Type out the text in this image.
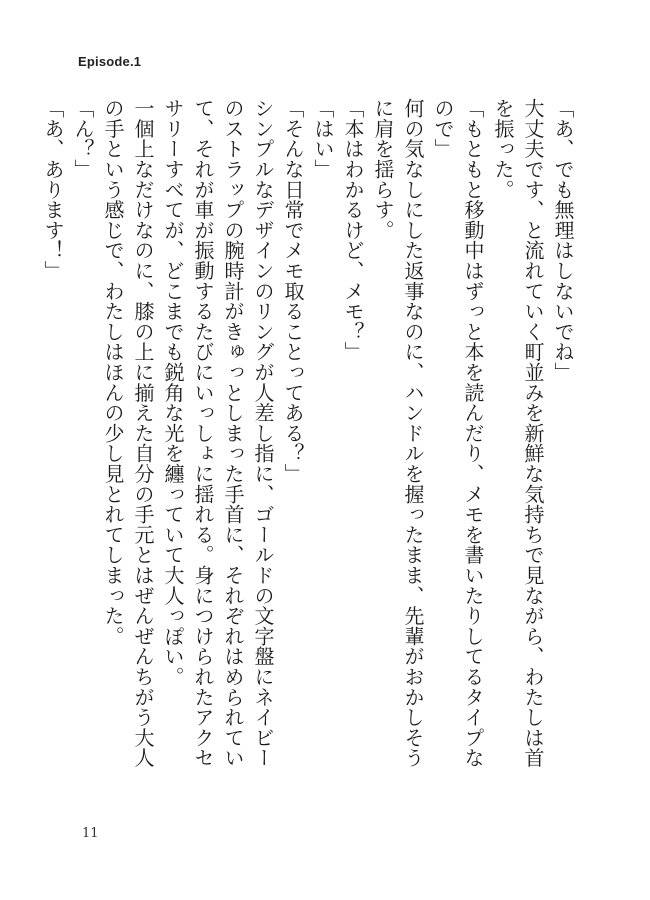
Episode.1

「あ、でも無理はしないでね」

大丈夫です、と流れていく町並みを新鮮な気持ちで見ながら、わたしは首を振った。

「もともと移動中はずっと本を読んだり、メモを書いたりしてるタイプなので」

何の気なしにした返事なのに、ハンドルを握ったまま、先輩がおかしそうに肩を揺らす。

「本はわかるけど、メモ？」

「はい」

「そんな日常でメモ取ることってある？」

シンプルなデザインのリングが人差し指に、ゴールドの文字盤にネイビーのストラップの腕時計がきゅっとしまった手首に、それぞれはめられていて、それが車が振動するたびにいっしょに揺れる。身につけられたアクセサリーすべてが、どこまでも鋭角な光を纏っていて大人っぽい。

一個上なだけなのに、膝の上に揃えた自分の手元とはぜんぜんちがう大人の手という感じで、わたしはほんの少し見とれてしまった。

「ん？」

「あ、あります！」

11
